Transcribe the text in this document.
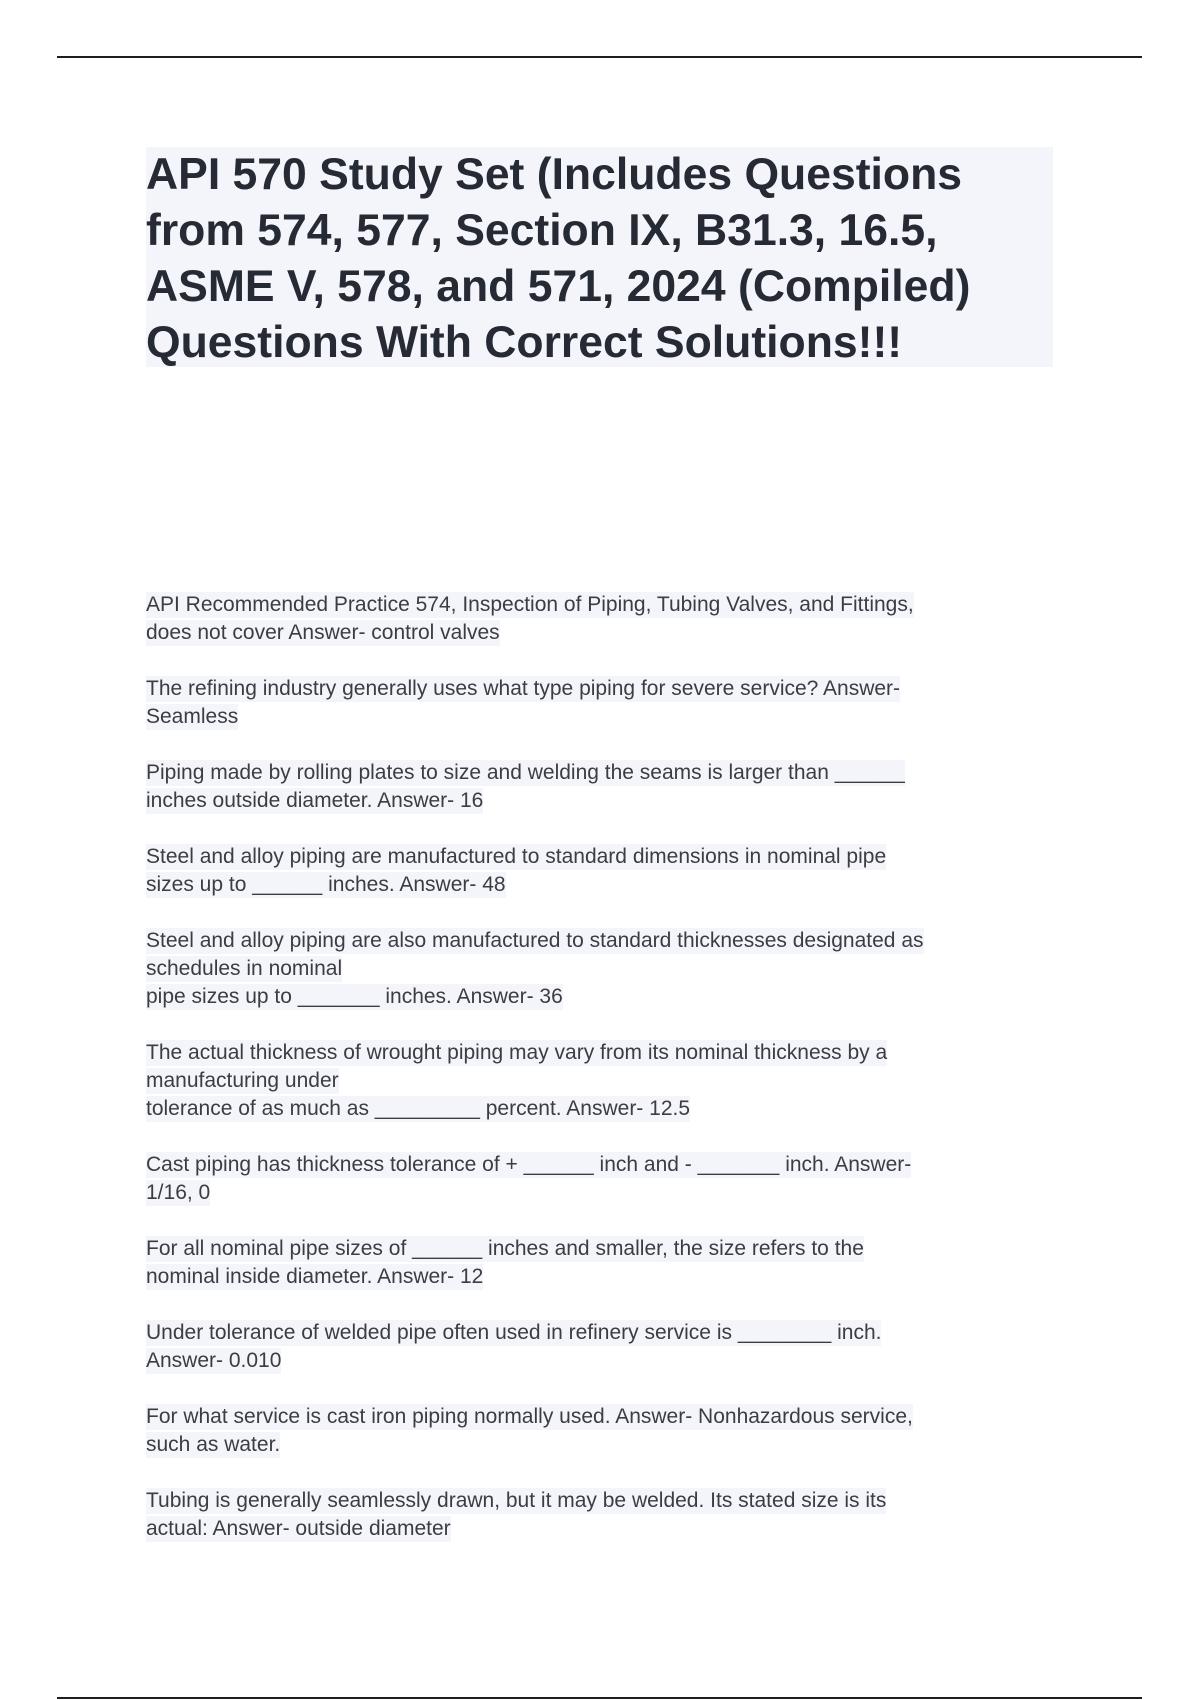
API 570 Study Set (Includes Questions
from 574, 577, Section IX, B31.3, 16.5,
ASME V, 578, and 571, 2024 (Compiled)
Questions With Correct Solutions!!!

API Recommended Practice 574, Inspection of Piping, Tubing Valves, and Fittings,
does not cover Answer- control valves

The refining industry generally uses what type piping for severe service? Answer-
Seamless

Piping made by rolling plates to size and welding the seams is larger than ______
inches outside diameter. Answer- 16

Steel and alloy piping are manufactured to standard dimensions in nominal pipe
sizes up to ______ inches. Answer- 48

Steel and alloy piping are also manufactured to standard thicknesses designated as
schedules in nominal
pipe sizes up to _______ inches. Answer- 36

The actual thickness of wrought piping may vary from its nominal thickness by a
manufacturing under
tolerance of as much as _________ percent. Answer- 12.5

Cast piping has thickness tolerance of + ______ inch and - _______ inch. Answer-
1/16, 0

For all nominal pipe sizes of ______ inches and smaller, the size refers to the
nominal inside diameter. Answer- 12

Under tolerance of welded pipe often used in refinery service is ________ inch.
Answer- 0.010

For what service is cast iron piping normally used. Answer- Nonhazardous service,
such as water.

Tubing is generally seamlessly drawn, but it may be welded. Its stated size is its
actual: Answer- outside diameter
